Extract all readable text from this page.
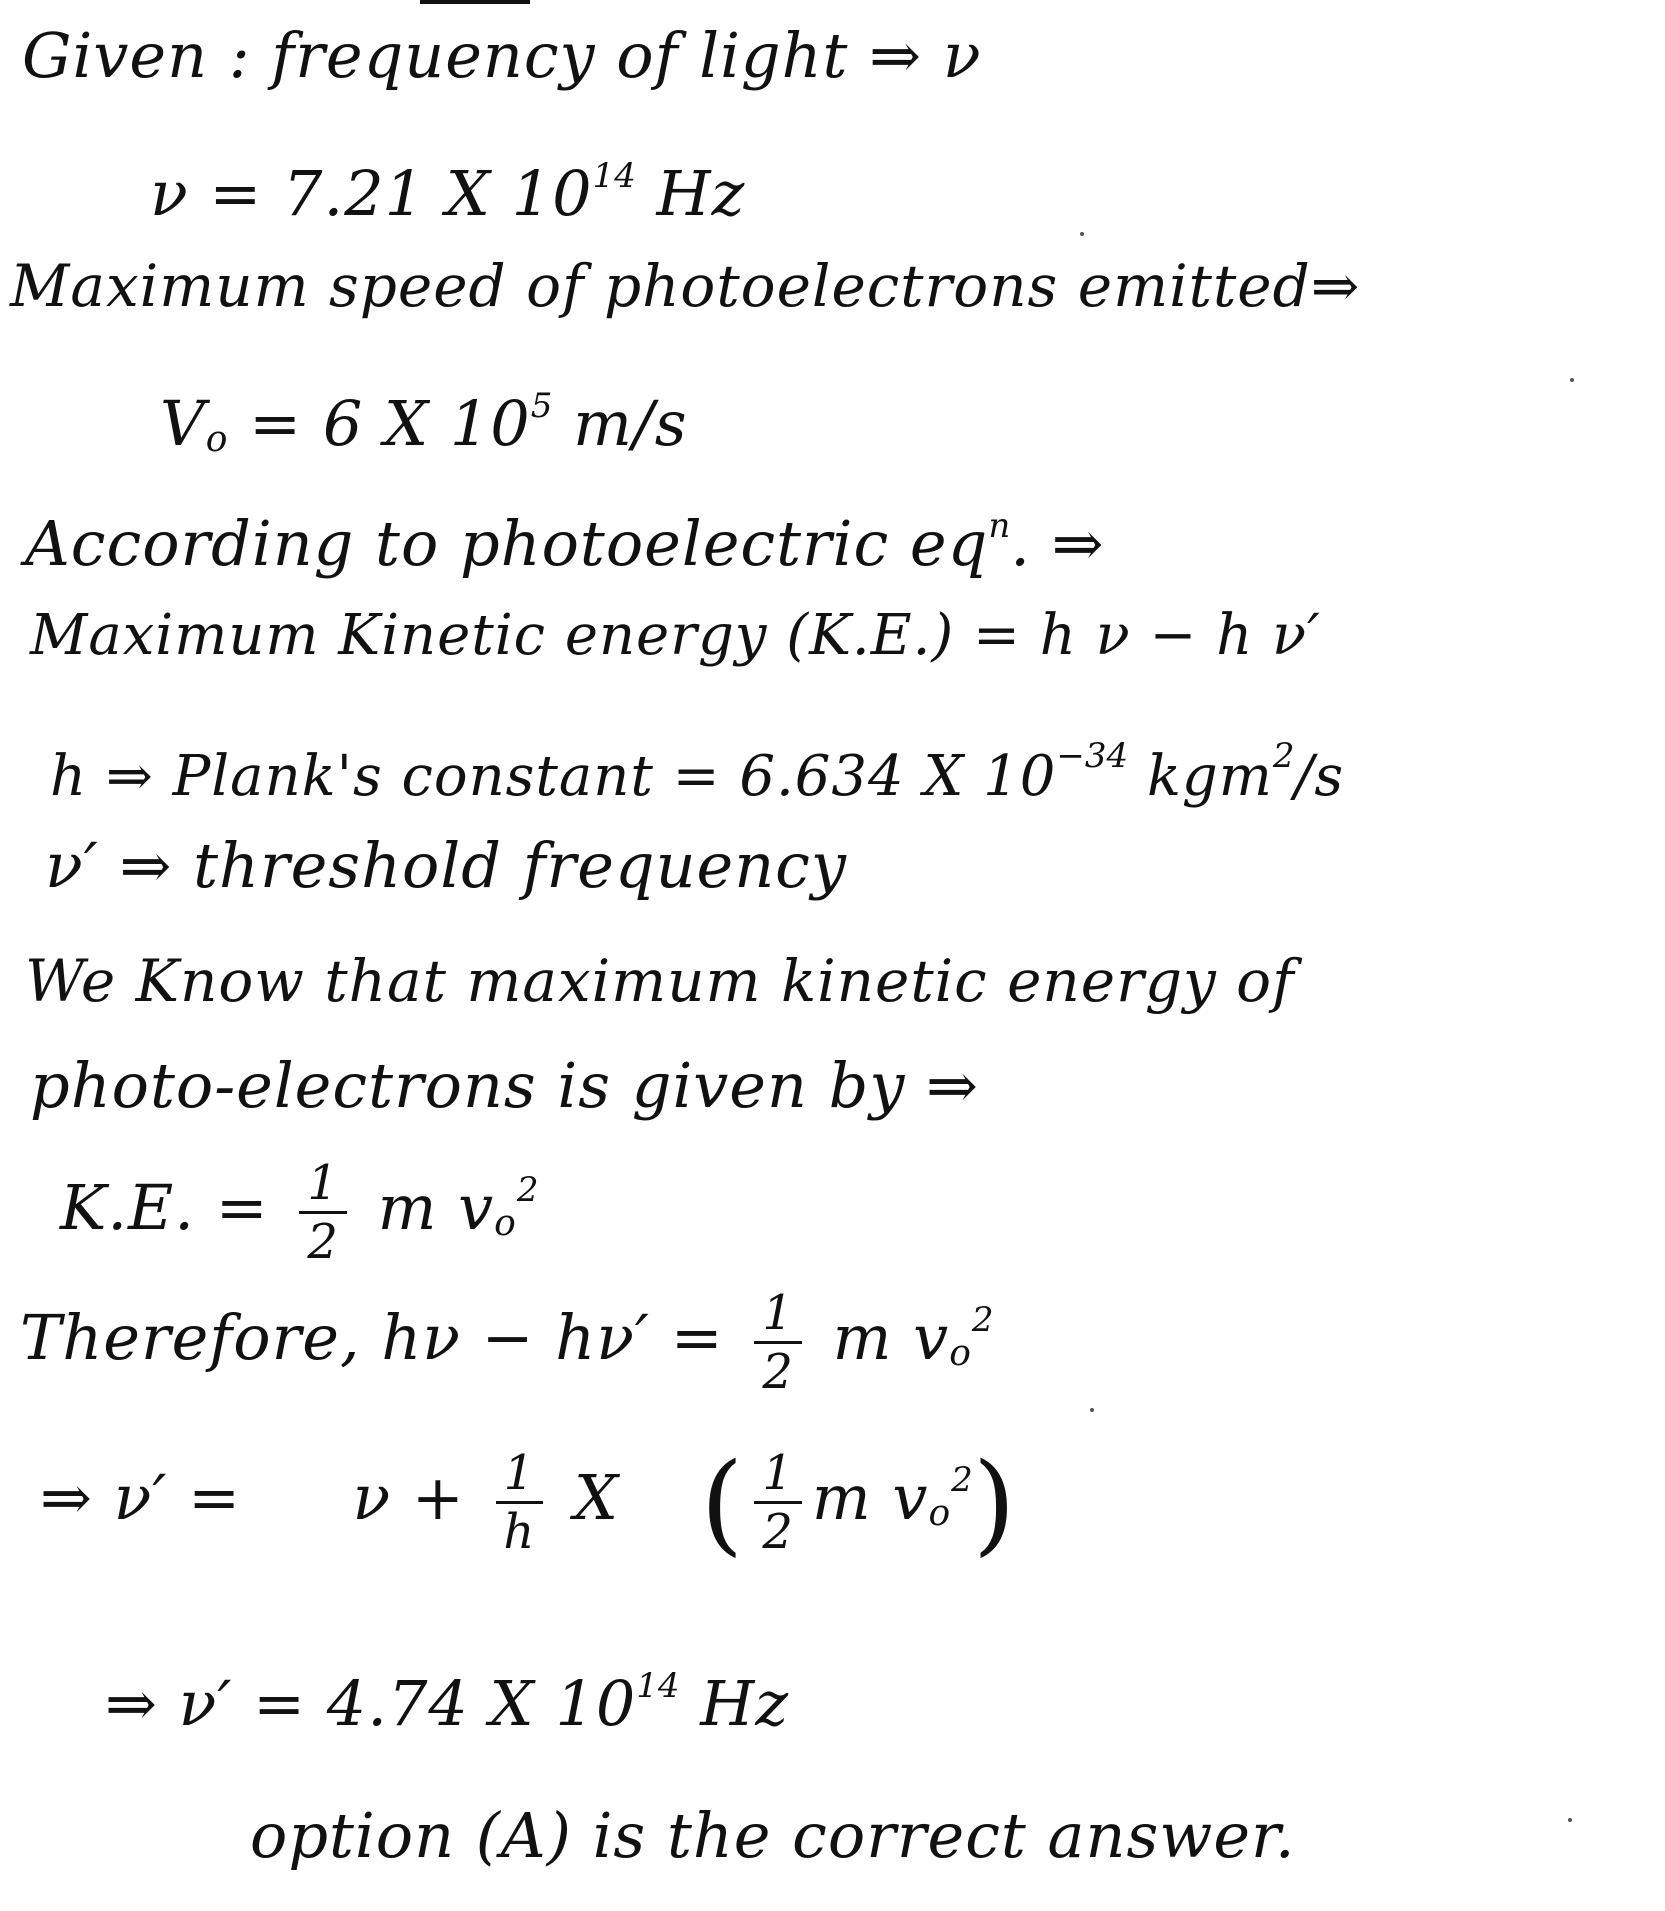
Given : frequency of light ⇒ ν
ν = 7.21 X $10^{14}$ Hz
Maximum speed of photoelectrons emitted⇒
Vo = 6 X $10^5$ m/s
According to photoelectric $eq^n$. ⇒
Maximum Kinetic energy (K.E.) = h ν − h ν′
h ⇒ Plank's constant = 6.634 X $10^{-34}$ kgm$^2$/s
ν′ ⇒ threshold frequency
We Know that maximum kinetic energy of
photo-electrons is given by ⇒
K.E. = $\frac{1}{2}$ m $vo^2$
Therefore, $h\nu - h\nu' = \frac{1}{2}$ m $vo^2$
⇒ $\nu' = \nu + \frac{1}{h}$ X ( $\frac{1}{2}$ m $vo^2$)
⇒ ν′ = 4.74 X $10^{14}$ Hz
option (A) is the correct answer.
